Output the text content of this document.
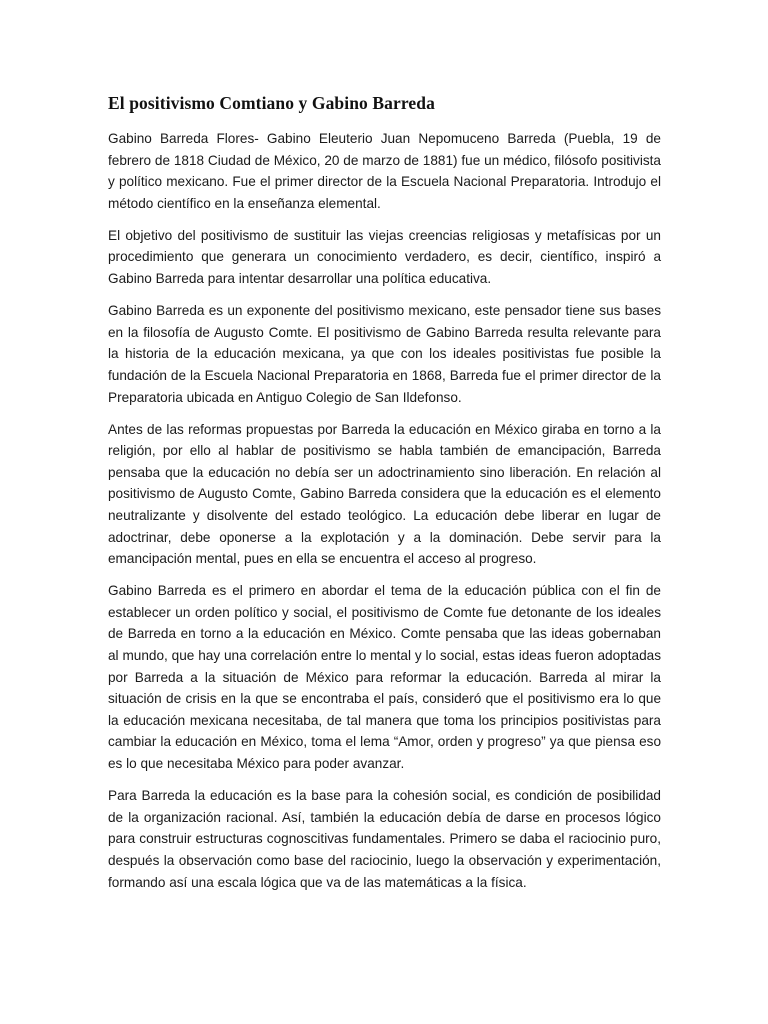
El positivismo Comtiano y Gabino Barreda

Gabino Barreda Flores- Gabino Eleuterio Juan Nepomuceno Barreda (Puebla, 19 de febrero de 1818 Ciudad de México, 20 de marzo de 1881) fue un médico, filósofo positivista y político mexicano. Fue el primer director de la Escuela Nacional Preparatoria. Introdujo el método científico en la enseñanza elemental.

El objetivo del positivismo de sustituir las viejas creencias religiosas y metafísicas por un procedimiento que generara un conocimiento verdadero, es decir, científico, inspiró a Gabino Barreda para intentar desarrollar una política educativa.

Gabino Barreda es un exponente del positivismo mexicano, este pensador tiene sus bases en la filosofía de Augusto Comte. El positivismo de Gabino Barreda resulta relevante para la historia de la educación mexicana, ya que con los ideales positivistas fue posible la fundación de la Escuela Nacional Preparatoria en 1868, Barreda fue el primer director de la Preparatoria ubicada en Antiguo Colegio de San Ildefonso.

Antes de las reformas propuestas por Barreda la educación en México giraba en torno a la religión, por ello al hablar de positivismo se habla también de emancipación, Barreda pensaba que la educación no debía ser un adoctrinamiento sino liberación. En relación al positivismo de Augusto Comte, Gabino Barreda considera que la educación es el elemento neutralizante y disolvente del estado teológico. La educación debe liberar en lugar de adoctrinar, debe oponerse a la explotación y a la dominación. Debe servir para la emancipación mental, pues en ella se encuentra el acceso al progreso.

Gabino Barreda es el primero en abordar el tema de la educación pública con el fin de establecer un orden político y social, el positivismo de Comte fue detonante de los ideales de Barreda en torno a la educación en México. Comte pensaba que las ideas gobernaban al mundo, que hay una correlación entre lo mental y lo social, estas ideas fueron adoptadas por Barreda a la situación de México para reformar la educación. Barreda al mirar la situación de crisis en la que se encontraba el país, consideró que el positivismo era lo que la educación mexicana necesitaba, de tal manera que toma los principios positivistas para cambiar la educación en México, toma el lema “Amor, orden y progreso” ya que piensa eso es lo que necesitaba México para poder avanzar.

Para Barreda la educación es la base para la cohesión social, es condición de posibilidad de la organización racional. Así, también la educación debía de darse en procesos lógico para construir estructuras cognoscitivas fundamentales. Primero se daba el raciocinio puro, después la observación como base del raciocinio, luego la observación y experimentación, formando así una escala lógica que va de las matemáticas a la física.
